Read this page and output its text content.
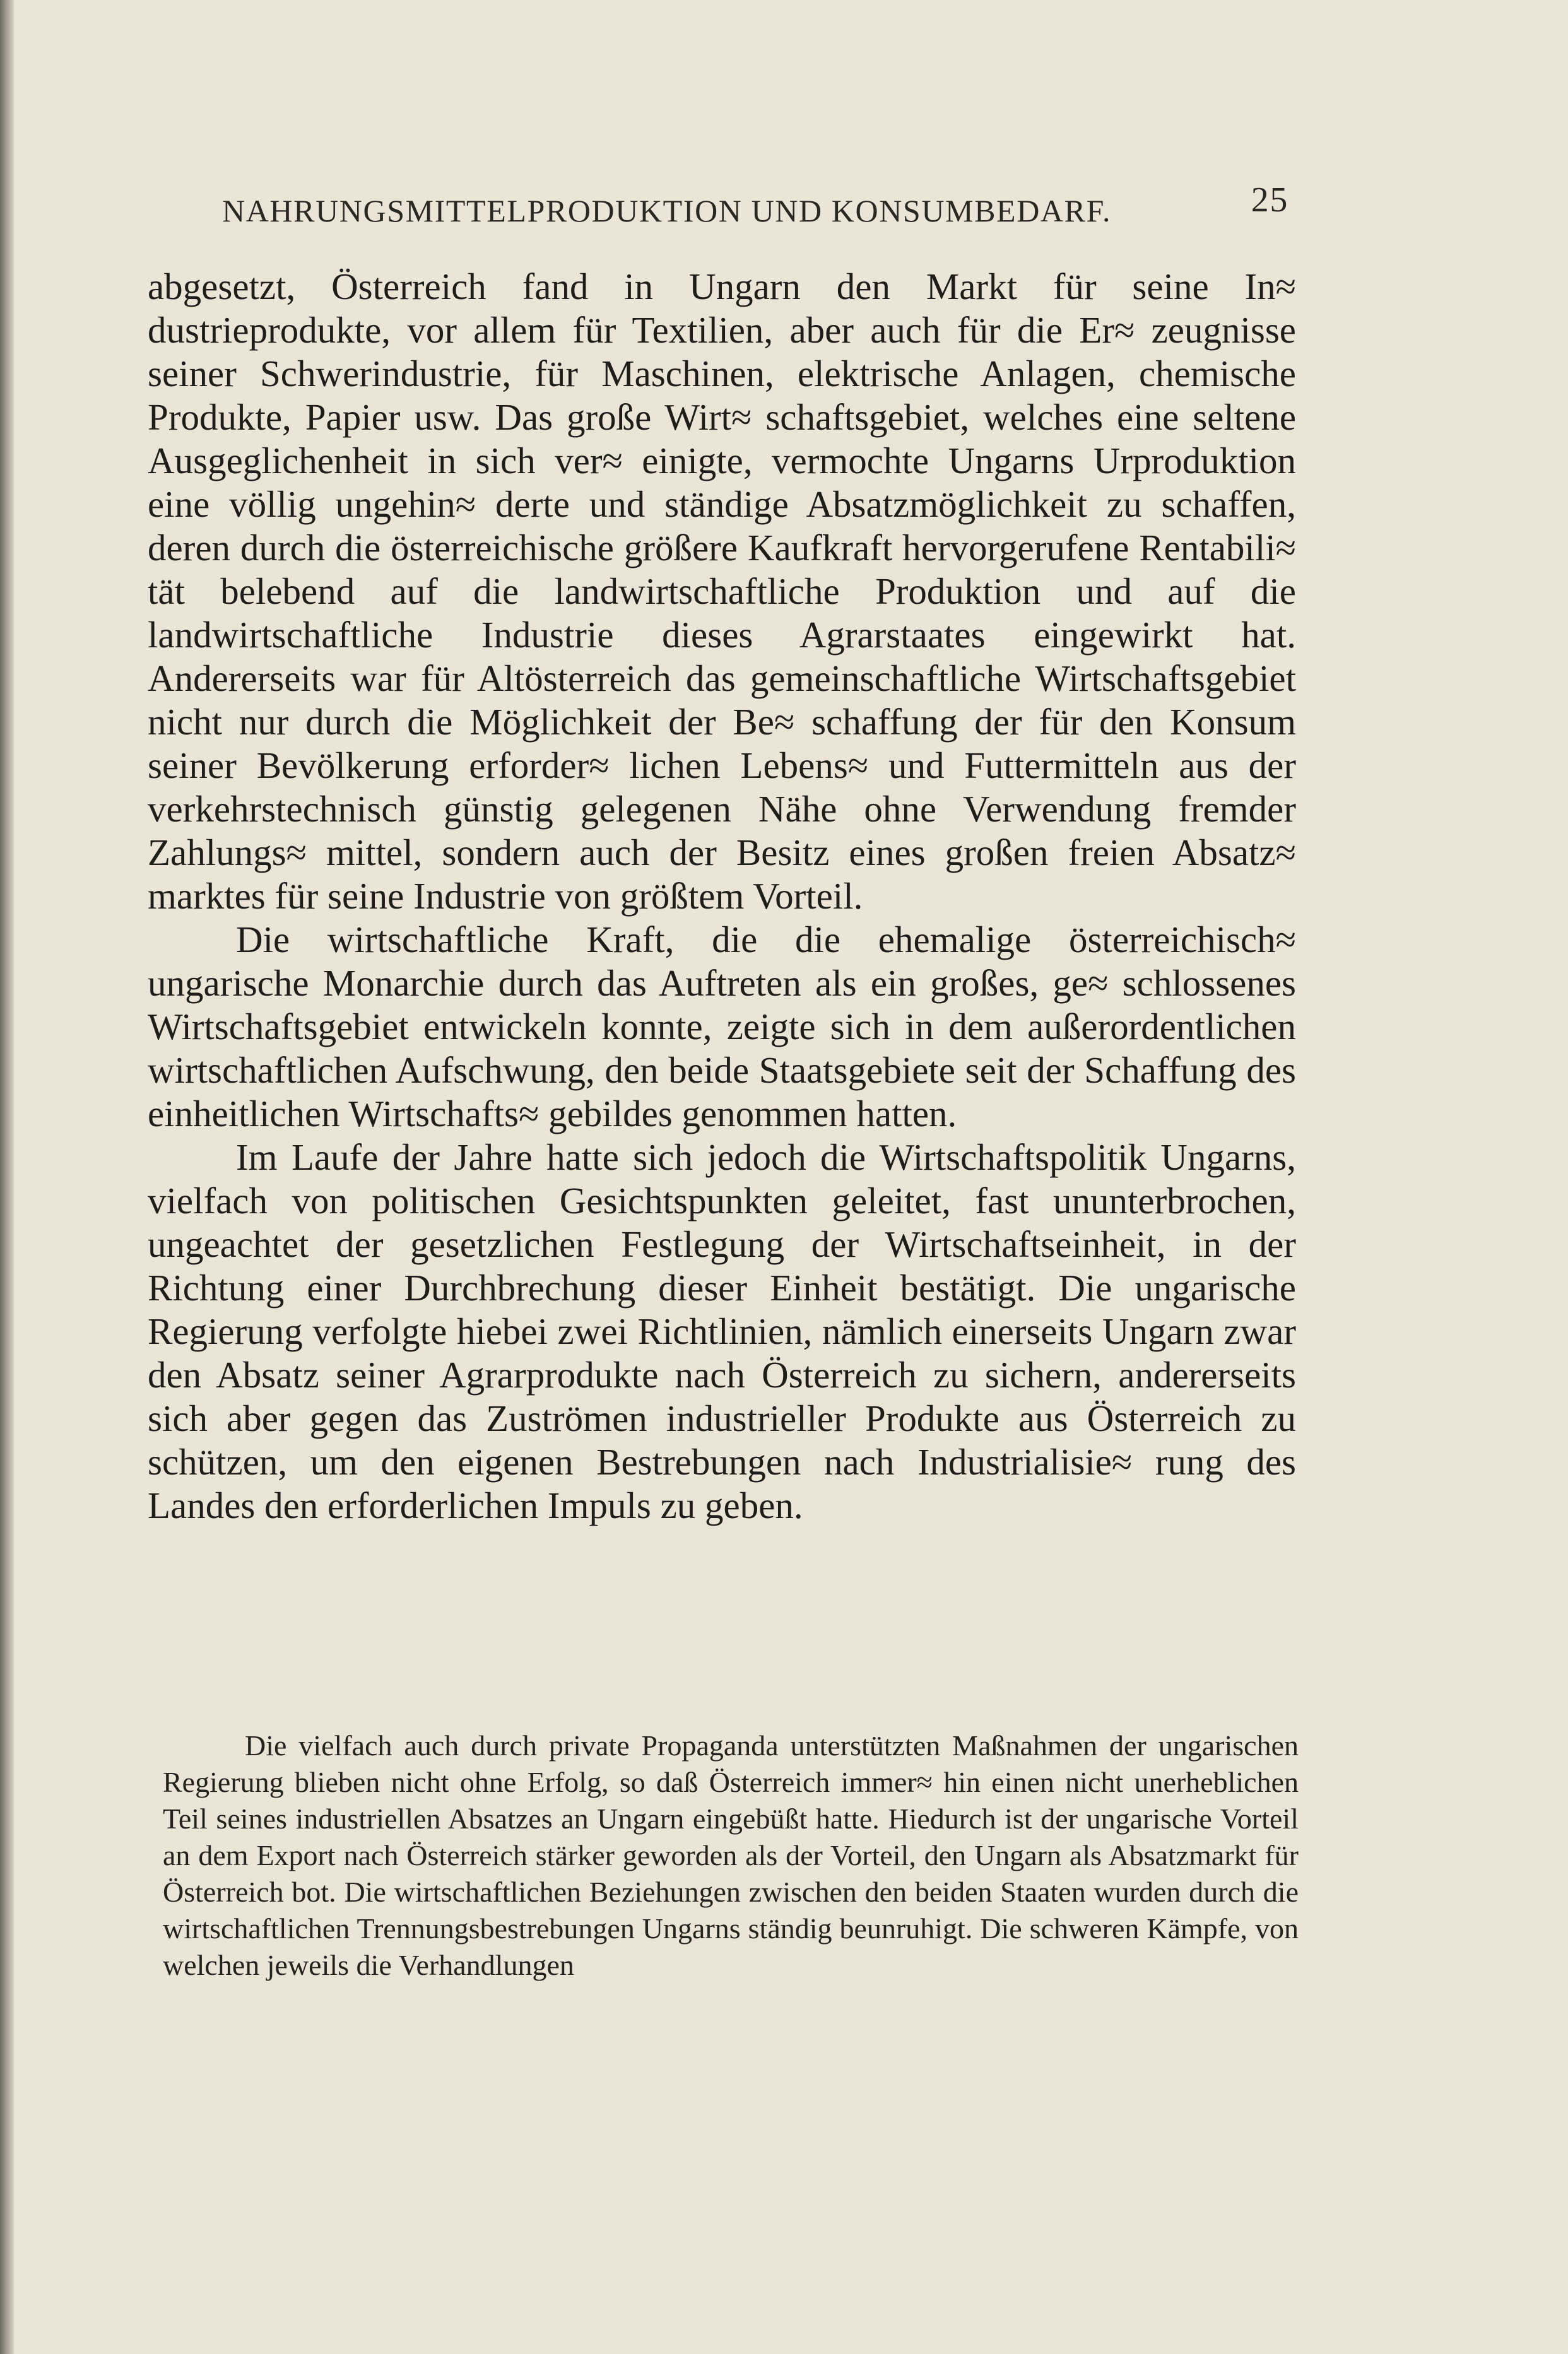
NAHRUNGSMITTELPRODUKTION UND KONSUMBEDARF.	25

abgesetzt, Österreich fand in Ungarn den Markt für seine In≈ dustrieprodukte, vor allem für Textilien, aber auch für die Er≈ zeugnisse seiner Schwerindustrie, für Maschinen, elektrische Anlagen, chemische Produkte, Papier usw. Das große Wirt≈ schaftsgebiet, welches eine seltene Ausgeglichenheit in sich ver≈ einigte, vermochte Ungarns Urproduktion eine völlig ungehin≈ derte und ständige Absatzmöglichkeit zu schaffen, deren durch die österreichische größere Kaufkraft hervorgerufene Rentabili≈ tät belebend auf die landwirtschaftliche Produktion und auf die landwirtschaftliche Industrie dieses Agrarstaates eingewirkt hat. Andererseits war für Altösterreich das gemeinschaftliche Wirtschaftsgebiet nicht nur durch die Möglichkeit der Be≈ schaffung der für den Konsum seiner Bevölkerung erforder≈ lichen Lebens≈ und Futtermitteln aus der verkehrstechnisch günstig gelegenen Nähe ohne Verwendung fremder Zahlungs≈ mittel, sondern auch der Besitz eines großen freien Absatz≈ marktes für seine Industrie von größtem Vorteil.

Die wirtschaftliche Kraft, die die ehemalige österreichisch≈ ungarische Monarchie durch das Auftreten als ein großes, ge≈ schlossenes Wirtschaftsgebiet entwickeln konnte, zeigte sich in dem außerordentlichen wirtschaftlichen Aufschwung, den beide Staatsgebiete seit der Schaffung des einheitlichen Wirtschafts≈ gebildes genommen hatten.

Im Laufe der Jahre hatte sich jedoch die Wirtschaftspolitik Ungarns, vielfach von politischen Gesichtspunkten geleitet, fast ununterbrochen, ungeachtet der gesetzlichen Festlegung der Wirtschaftseinheit, in der Richtung einer Durchbrechung dieser Einheit bestätigt. Die ungarische Regierung verfolgte hiebei zwei Richtlinien, nämlich einerseits Ungarn zwar den Absatz seiner Agrarprodukte nach Österreich zu sichern, andererseits sich aber gegen das Zuströmen industrieller Produkte aus Österreich zu schützen, um den eigenen Bestrebungen nach Industrialisie≈ rung des Landes den erforderlichen Impuls zu geben.

Die vielfach auch durch private Propaganda unterstützten Maßnahmen der ungarischen Regierung blieben nicht ohne Erfolg, so daß Österreich immer≈ hin einen nicht unerheblichen Teil seines industriellen Absatzes an Ungarn eingebüßt hatte. Hiedurch ist der ungarische Vorteil an dem Export nach Österreich stärker geworden als der Vorteil, den Ungarn als Absatzmarkt für Österreich bot. Die wirtschaftlichen Beziehungen zwischen den beiden Staaten wurden durch die wirtschaftlichen Trennungsbestrebungen Ungarns ständig beunruhigt. Die schweren Kämpfe, von welchen jeweils die Verhandlungen
